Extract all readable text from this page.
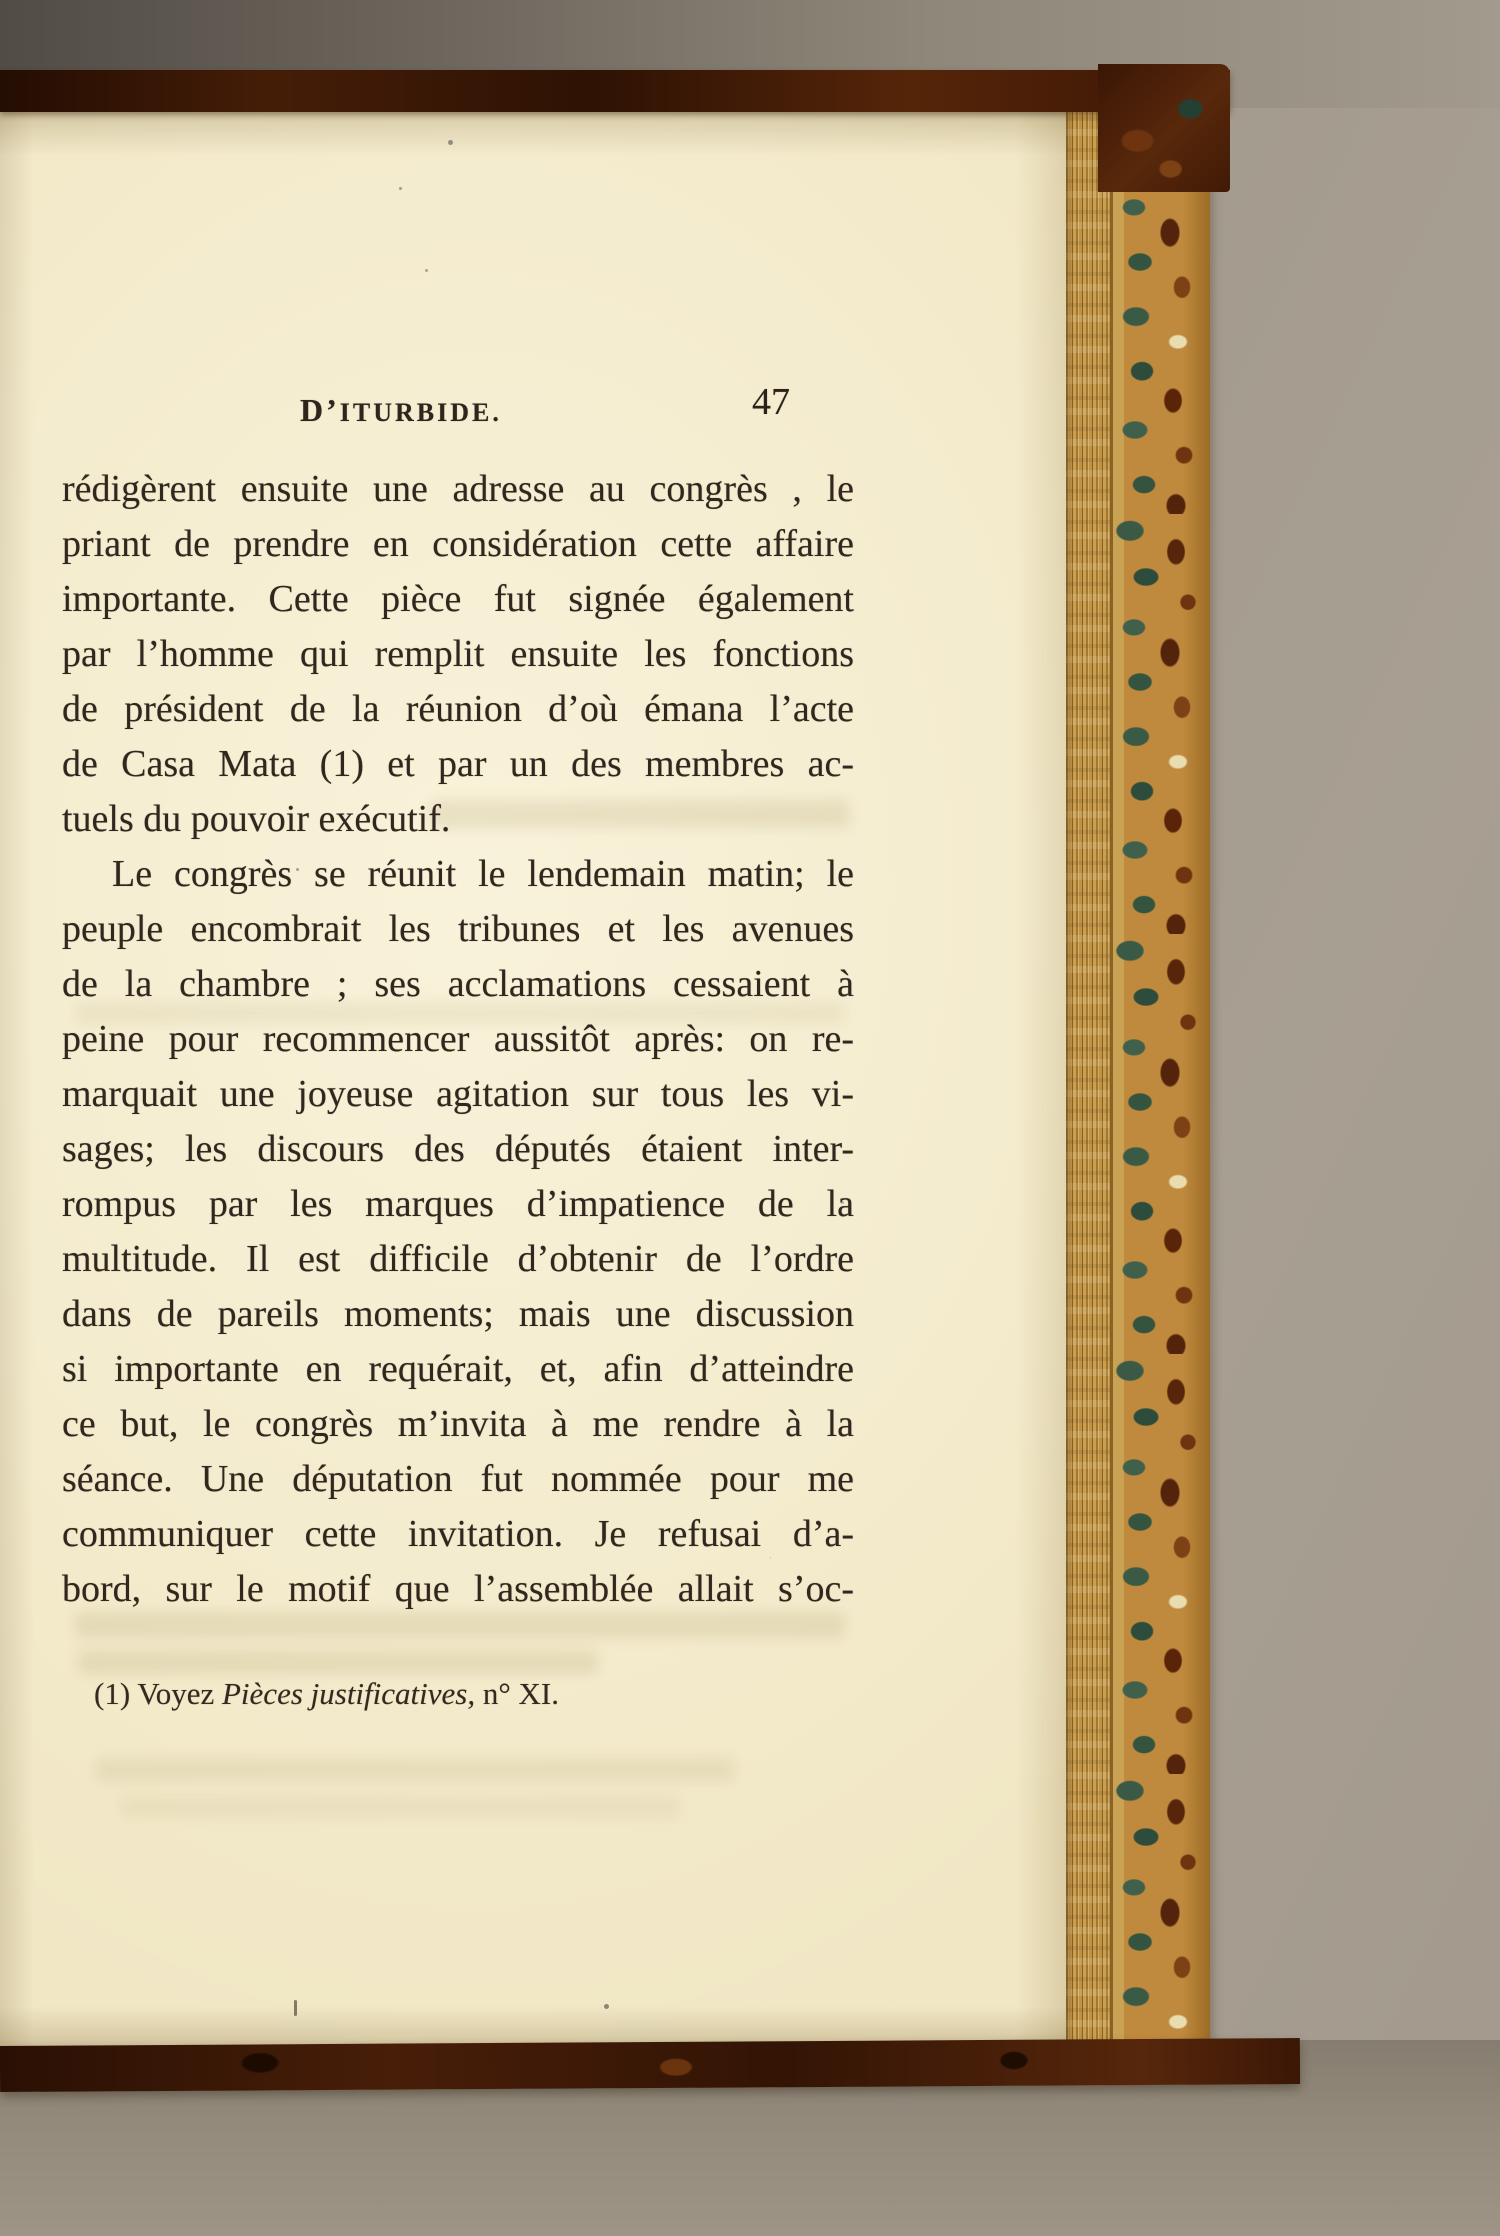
D’ITURBIDE.	47
rédigèrent ensuite une adresse au congrès , le
priant de prendre en considération cette affaire
importante. Cette pièce fut signée également
par l’homme qui remplit ensuite les fonctions
de président de la réunion d’où émana l’acte
de Casa Mata (1) et par un des membres ac-
tuels du pouvoir exécutif.
Le congrès se réunit le lendemain matin; le
peuple encombrait les tribunes et les avenues
de la chambre ; ses acclamations cessaient à
peine pour recommencer aussitôt après: on re-
marquait une joyeuse agitation sur tous les vi-
sages; les discours des députés étaient inter-
rompus par les marques d’impatience de la
multitude. Il est difficile d’obtenir de l’ordre
dans de pareils moments; mais une discussion
si importante en requérait, et, afin d’atteindre
ce but, le congrès m’invita à me rendre à la
séance. Une députation fut nommée pour me
communiquer cette invitation. Je refusai d’a-
bord, sur le motif que l’assemblée allait s’oc-
(1) Voyez Pièces justificatives, n° XI.
